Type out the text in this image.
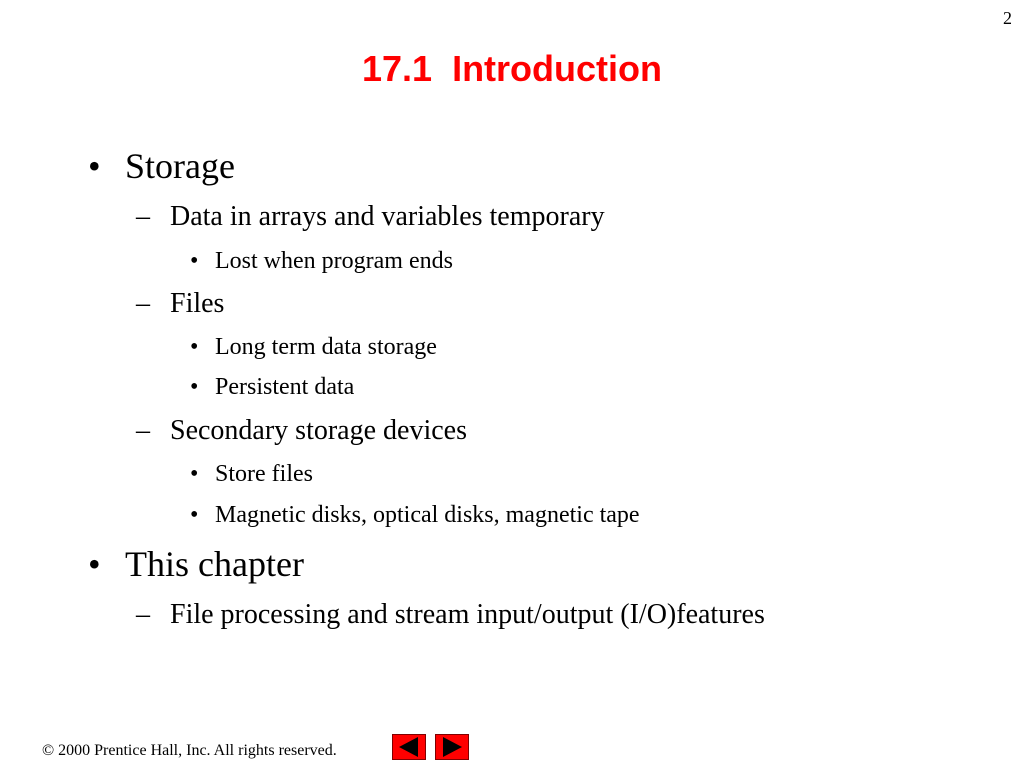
2
17.1 Introduction
• Storage
– Data in arrays and variables temporary
• Lost when program ends
– Files
• Long term data storage
• Persistent data
– Secondary storage devices
• Store files
• Magnetic disks, optical disks, magnetic tape
• This chapter
– File processing and stream input/output (I/O)features
© 2000 Prentice Hall, Inc. All rights reserved.
